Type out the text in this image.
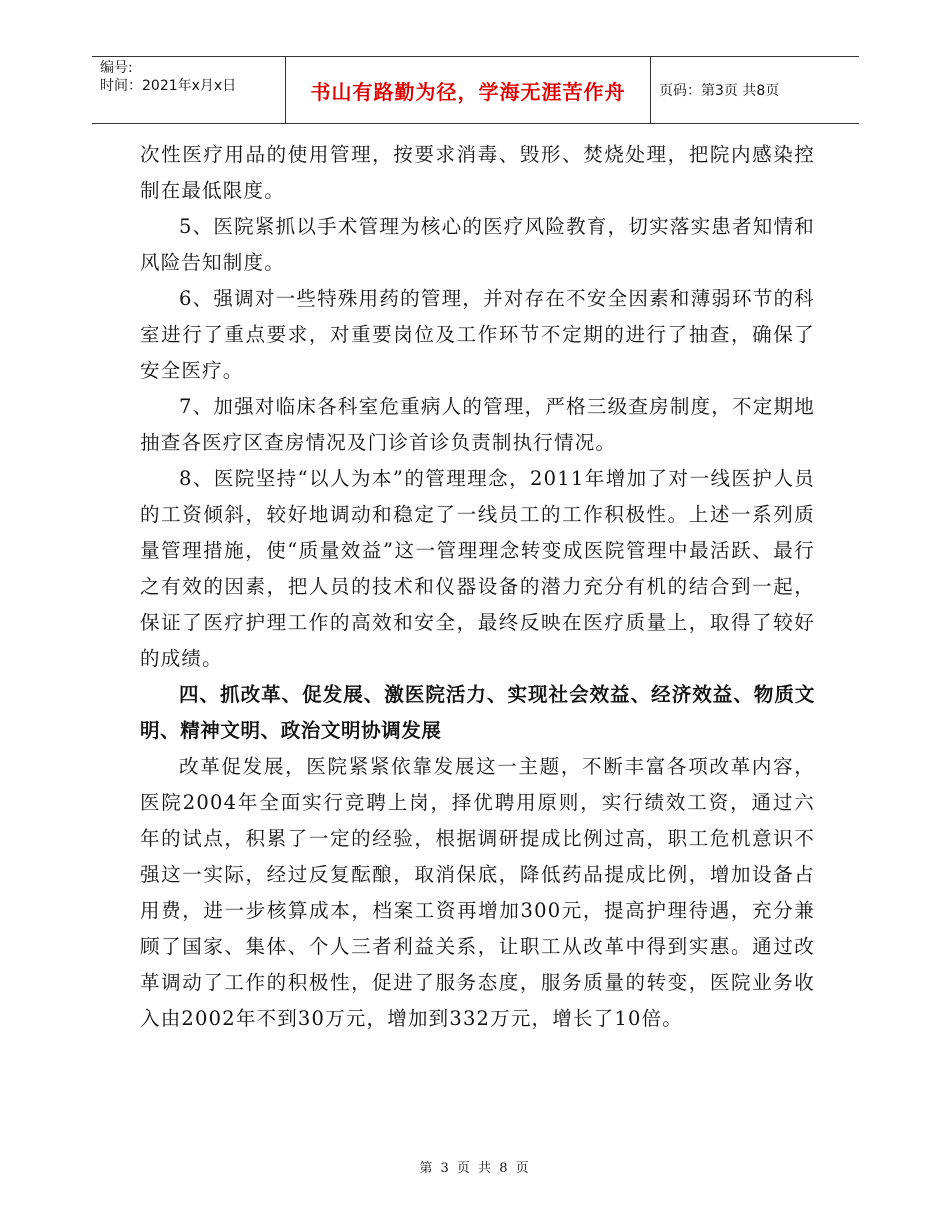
编号:
时间：2021年x月x日	书山有路勤为径，学海无涯苦作舟	页码：第3页 共8页

次性医疗用品的使用管理，按要求消毒、毁形、焚烧处理，把院内感染控制在最低限度。

5、医院紧抓以手术管理为核心的医疗风险教育，切实落实患者知情和风险告知制度。

6、强调对一些特殊用药的管理，并对存在不安全因素和薄弱环节的科室进行了重点要求，对重要岗位及工作环节不定期的进行了抽查，确保了安全医疗。

7、加强对临床各科室危重病人的管理，严格三级查房制度，不定期地抽查各医疗区查房情况及门诊首诊负责制执行情况。

8、医院坚持“以人为本”的管理理念，2011年增加了对一线医护人员的工资倾斜，较好地调动和稳定了一线员工的工作积极性。上述一系列质量管理措施，使“质量效益”这一管理理念转变成医院管理中最活跃、最行之有效的因素，把人员的技术和仪器设备的潜力充分有机的结合到一起，保证了医疗护理工作的高效和安全，最终反映在医疗质量上，取得了较好的成绩。

四、抓改革、促发展、激医院活力、实现社会效益、经济效益、物质文明、精神文明、政治文明协调发展

改革促发展，医院紧紧依靠发展这一主题，不断丰富各项改革内容，医院2004年全面实行竞聘上岗，择优聘用原则，实行绩效工资，通过六年的试点，积累了一定的经验，根据调研提成比例过高，职工危机意识不强这一实际，经过反复酝酿，取消保底，降低药品提成比例，增加设备占用费，进一步核算成本，档案工资再增加300元，提高护理待遇，充分兼顾了国家、集体、个人三者利益关系，让职工从改革中得到实惠。通过改革调动了工作的积极性，促进了服务态度，服务质量的转变，医院业务收入由2002年不到30万元，增加到332万元，增长了10倍。

第 3 页 共 8 页
